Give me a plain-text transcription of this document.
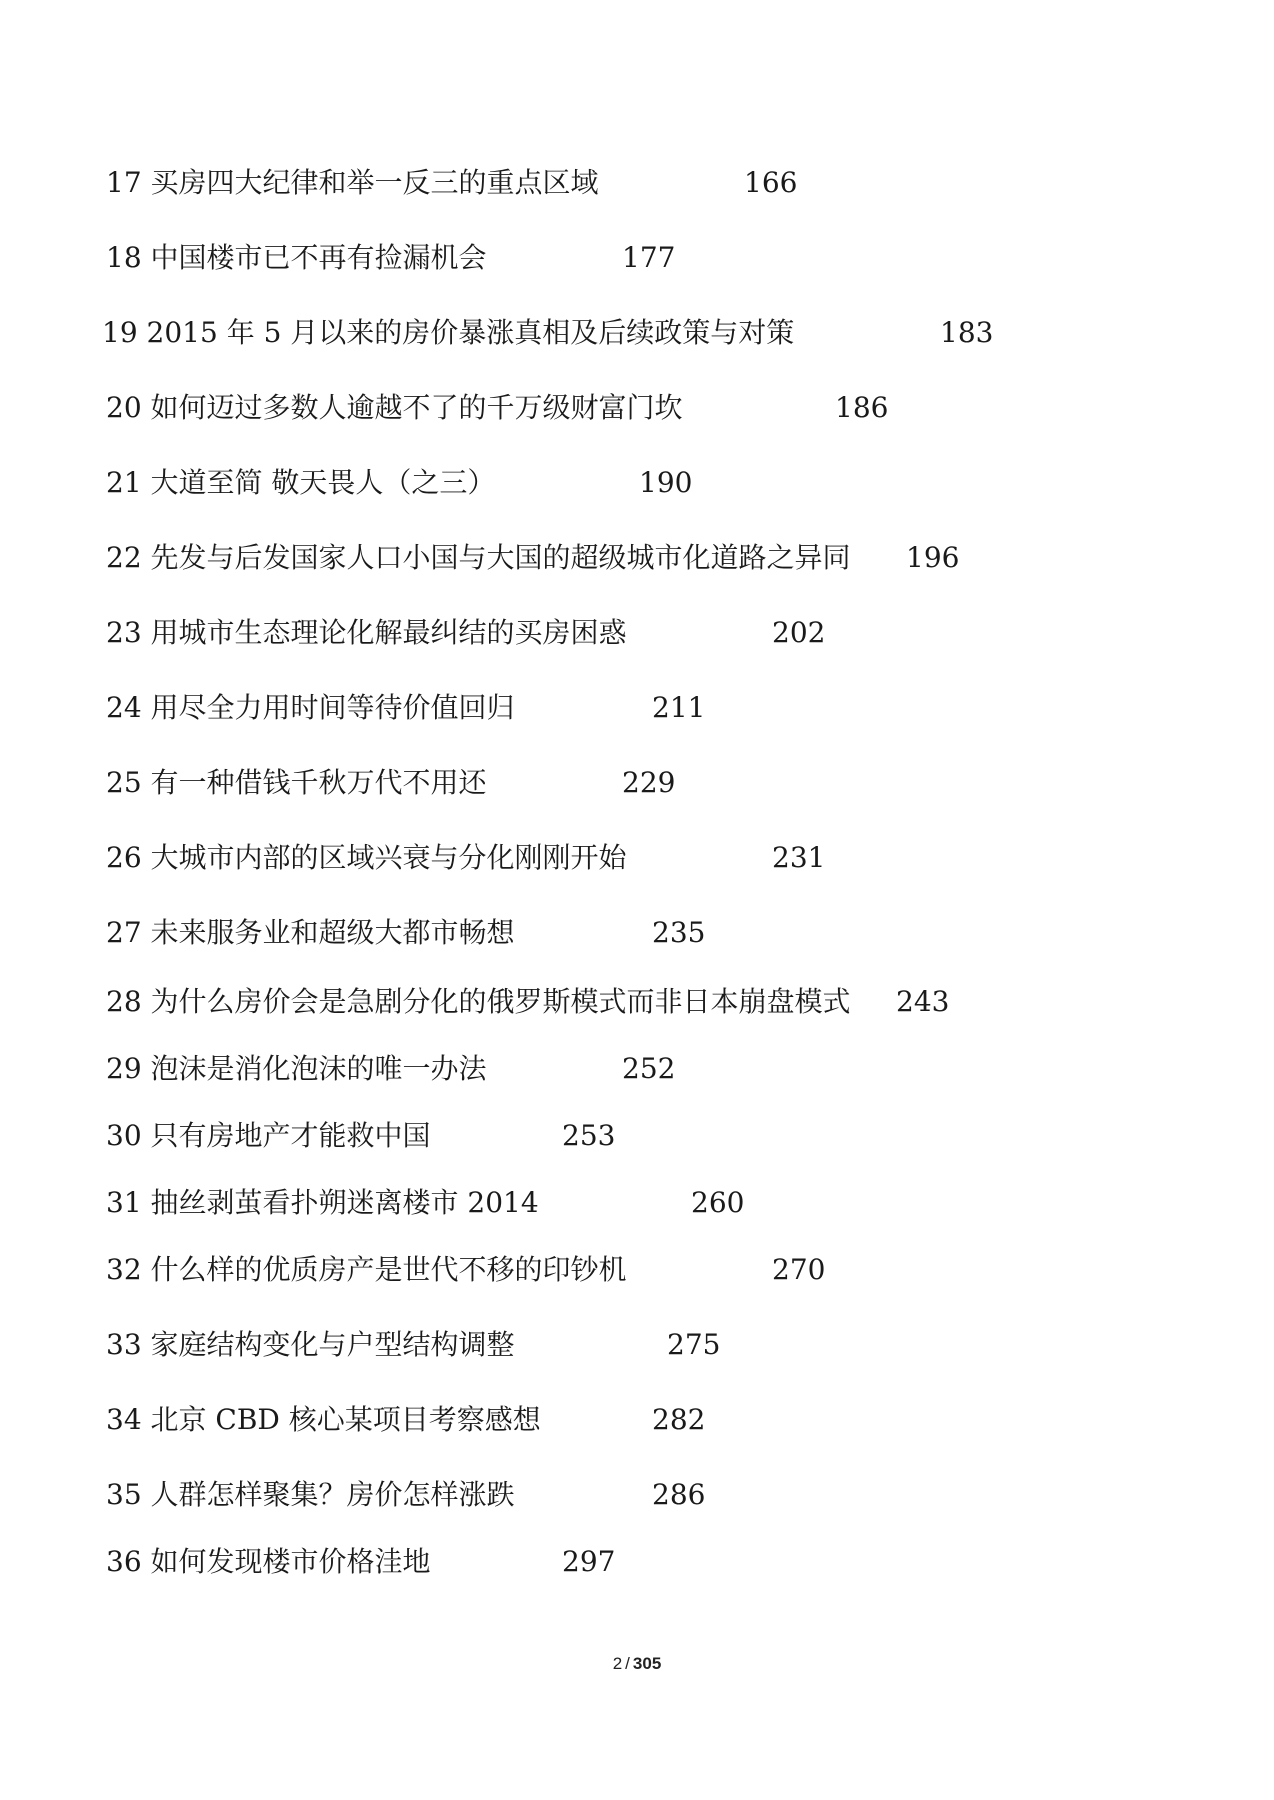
17 买房四大纪律和举一反三的重点区域	166
18 中国楼市已不再有捡漏机会	177
19 2015 年 5 月以来的房价暴涨真相及后续政策与对策	183
20 如何迈过多数人逾越不了的千万级财富门坎	186
21 大道至简 敬天畏人（之三）	190
22 先发与后发国家人口小国与大国的超级城市化道路之异同 196
23 用城市生态理论化解最纠结的买房困惑	202
24 用尽全力用时间等待价值回归	211
25 有一种借钱千秋万代不用还	229
26 大城市内部的区域兴衰与分化刚刚开始	231
27 未来服务业和超级大都市畅想	235
28 为什么房价会是急剧分化的俄罗斯模式而非日本崩盘模式 243
29 泡沫是消化泡沫的唯一办法	252
30 只有房地产才能救中国	253
31 抽丝剥茧看扑朔迷离楼市 2014	260
32 什么样的优质房产是世代不移的印钞机	270
33 家庭结构变化与户型结构调整	275
34 北京 CBD 核心某项目考察感想	282
35 人群怎样聚集？房价怎样涨跌	286
36 如何发现楼市价格洼地	297
2 / 305
